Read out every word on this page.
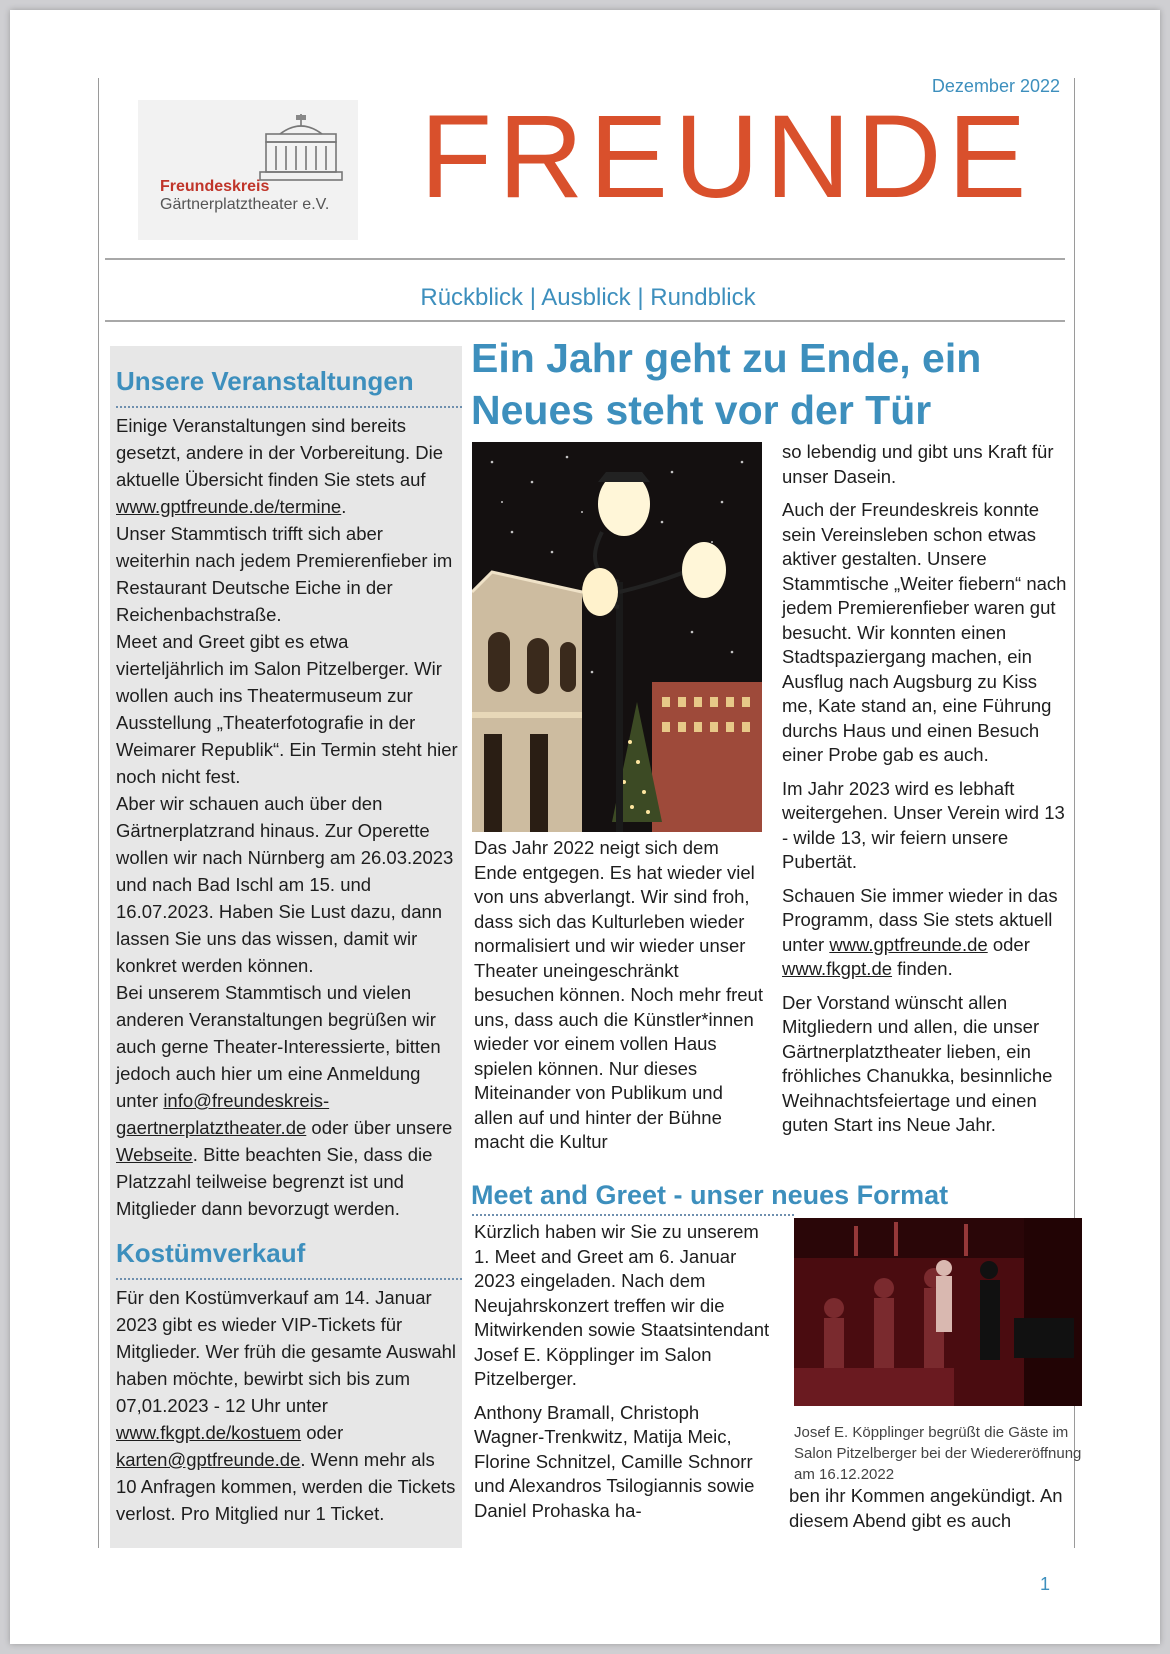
Dezember 2022
Freundeskreis
Gärtnerplatztheater e.V. FREUNDE
Rückblick | Ausblick | Rundblick
Unsere Veranstaltungen
Einige Veranstaltungen sind bereits gesetzt, andere in der Vorbereitung. Die aktuelle Übersicht finden Sie stets auf www.gptfreunde.de/termine.
Unser Stammtisch trifft sich aber weiterhin nach jedem Premierenfieber im Restaurant Deutsche Eiche in der Reichenbachstraße.
Meet and Greet gibt es etwa vierteljährlich im Salon Pitzelberger. Wir wollen auch ins Theatermuseum zur Ausstellung „Theaterfotografie in der Weimarer Republik“. Ein Termin steht hier noch nicht fest.
Aber wir schauen auch über den Gärtnerplatzrand hinaus. Zur Operette wollen wir nach Nürnberg am 26.03.2023 und nach Bad Ischl am 15. und 16.07.2023. Haben Sie Lust dazu, dann lassen Sie uns das wissen, damit wir konkret werden können.
Bei unserem Stammtisch und vielen anderen Veranstaltungen begrüßen wir auch gerne Theater-Interessierte, bitten jedoch auch hier um eine Anmeldung unter info@freundeskreis-gaertnerplatztheater.de oder über unsere Webseite. Bitte beachten Sie, dass die Platzzahl teilweise begrenzt ist und Mitglieder dann bevorzugt werden.
Kostümverkauf
Für den Kostümverkauf am 14. Januar 2023 gibt es wieder VIP-Tickets für Mitglieder. Wer früh die gesamte Auswahl haben möchte, bewirbt sich bis zum 07,01.2023 - 12 Uhr unter www.fkgpt.de/kostuem oder karten@gptfreunde.de. Wenn mehr als 10 Anfragen kommen, werden die Tickets verlost. Pro Mitglied nur 1 Ticket.
Ein Jahr geht zu Ende, ein Neues steht vor der Tür
Das Jahr 2022 neigt sich dem Ende entgegen. Es hat wieder viel von uns abverlangt. Wir sind froh, dass sich das Kulturleben wieder normalisiert und wir wieder unser Theater uneingeschränkt besuchen können. Noch mehr freut uns, dass auch die Künstler*innen wieder vor einem vollen Haus spielen können. Nur dieses Miteinander von Publikum und allen auf und hinter der Bühne macht die Kultur

so lebendig und gibt uns Kraft für unser Dasein.

Auch der Freundeskreis konnte sein Vereinsleben schon etwas aktiver gestalten. Unsere Stammtische „Weiter fiebern“ nach jedem Premierenfieber waren gut besucht. Wir konnten einen Stadtspaziergang machen, ein Ausflug nach Augsburg zu Kiss me, Kate stand an, eine Führung durchs Haus und einen Besuch einer Probe gab es auch.

Im Jahr 2023 wird es lebhaft weitergehen. Unser Verein wird 13 - wilde 13, wir feiern unsere Pubertät.

Schauen Sie immer wieder in das Programm, dass Sie stets aktuell unter www.gptfreunde.de oder www.fkgpt.de finden.

Der Vorstand wünscht allen Mitgliedern und allen, die unser Gärtnerplatztheater lieben, ein fröhliches Chanukka, besinnliche Weihnachtsfeiertage und einen guten Start ins Neue Jahr.

Meet and Greet - unser neues Format

Kürzlich haben wir Sie zu unserem 1. Meet and Greet am 6. Januar 2023 eingeladen. Nach dem Neujahrskonzert treffen wir die Mitwirkenden sowie Staatsintendant Josef E. Köpplinger im Salon Pitzelberger.

Anthony Bramall, Christoph Wagner-Trenkwitz, Matija Meic, Florine Schnitzel, Camille Schnorr und Alexandros Tsilogiannis sowie Daniel Prohaska ha-

Josef E. Köpplinger begrüßt die Gäste im Salon Pitzelberger bei der Wiedereröffnung am 16.12.2022
ben ihr Kommen angekündigt. An diesem Abend gibt es auch
1
